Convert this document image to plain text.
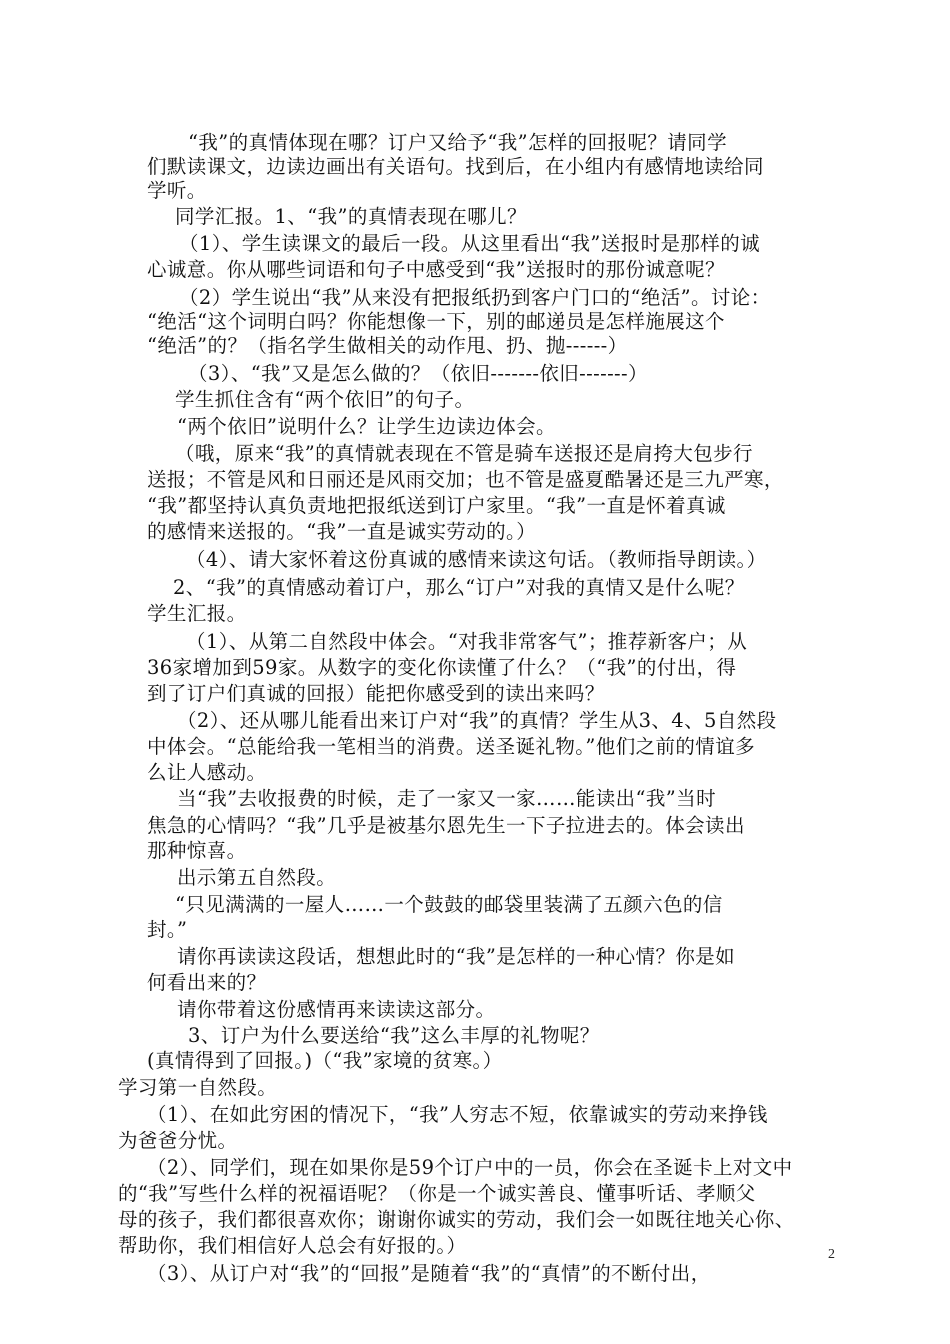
“我”的真情体现在哪？订户又给予“我”怎样的回报呢？请同学
们默读课文，边读边画出有关语句。找到后，在小组内有感情地读给同
学听。
同学汇报。1、“我”的真情表现在哪儿？
（1）、学生读课文的最后一段。从这里看出“我”送报时是那样的诚
心诚意。你从哪些词语和句子中感受到“我”送报时的那份诚意呢？
（2）学生说出“我”从来没有把报纸扔到客户门口的“绝活”。讨论：
“绝活“这个词明白吗？你能想像一下，别的邮递员是怎样施展这个
“绝活”的？（指名学生做相关的动作甩、扔、抛------）
（3）、“我”又是怎么做的？（依旧-------依旧-------）
学生抓住含有“两个依旧”的句子。
“两个依旧”说明什么？让学生边读边体会。
（哦，原来“我”的真情就表现在不管是骑车送报还是肩挎大包步行
送报；不管是风和日丽还是风雨交加；也不管是盛夏酷暑还是三九严寒，
“我”都坚持认真负责地把报纸送到订户家里。“我”一直是怀着真诚
的感情来送报的。“我”一直是诚实劳动的。）
（4）、请大家怀着这份真诚的感情来读这句话。（教师指导朗读。）
2、“我”的真情感动着订户，那么“订户”对我的真情又是什么呢？
学生汇报。
（1）、从第二自然段中体会。“对我非常客气”；推荐新客户；从
36家增加到59家。从数字的变化你读懂了什么？（“我”的付出，得
到了订户们真诚的回报）能把你感受到的读出来吗？
（2）、还从哪儿能看出来订户对“我”的真情？学生从3、4、5自然段
中体会。“总能给我一笔相当的消费。送圣诞礼物。”他们之前的情谊多
么让人感动。
当“我”去收报费的时候，走了一家又一家……能读出“我”当时
焦急的心情吗？“我”几乎是被基尔恩先生一下子拉进去的。体会读出
那种惊喜。
出示第五自然段。
“只见满满的一屋人……一个鼓鼓的邮袋里装满了五颜六色的信
封。”
请你再读读这段话，想想此时的“我”是怎样的一种心情？你是如
何看出来的？
请你带着这份感情再来读读这部分。
3、订户为什么要送给“我”这么丰厚的礼物呢？
(真情得到了回报。)（“我”家境的贫寒。）
学习第一自然段。
（1）、在如此穷困的情况下，“我”人穷志不短，依靠诚实的劳动来挣钱
为爸爸分忧。
（2）、同学们，现在如果你是59个订户中的一员，你会在圣诞卡上对文中
的“我”写些什么样的祝福语呢？（你是一个诚实善良、懂事听话、孝顺父
母的孩子，我们都很喜欢你；谢谢你诚实的劳动，我们会一如既往地关心你、
帮助你，我们相信好人总会有好报的。）
（3）、从订户对“我”的“回报”是随着“我”的“真情”的不断付出，
2
